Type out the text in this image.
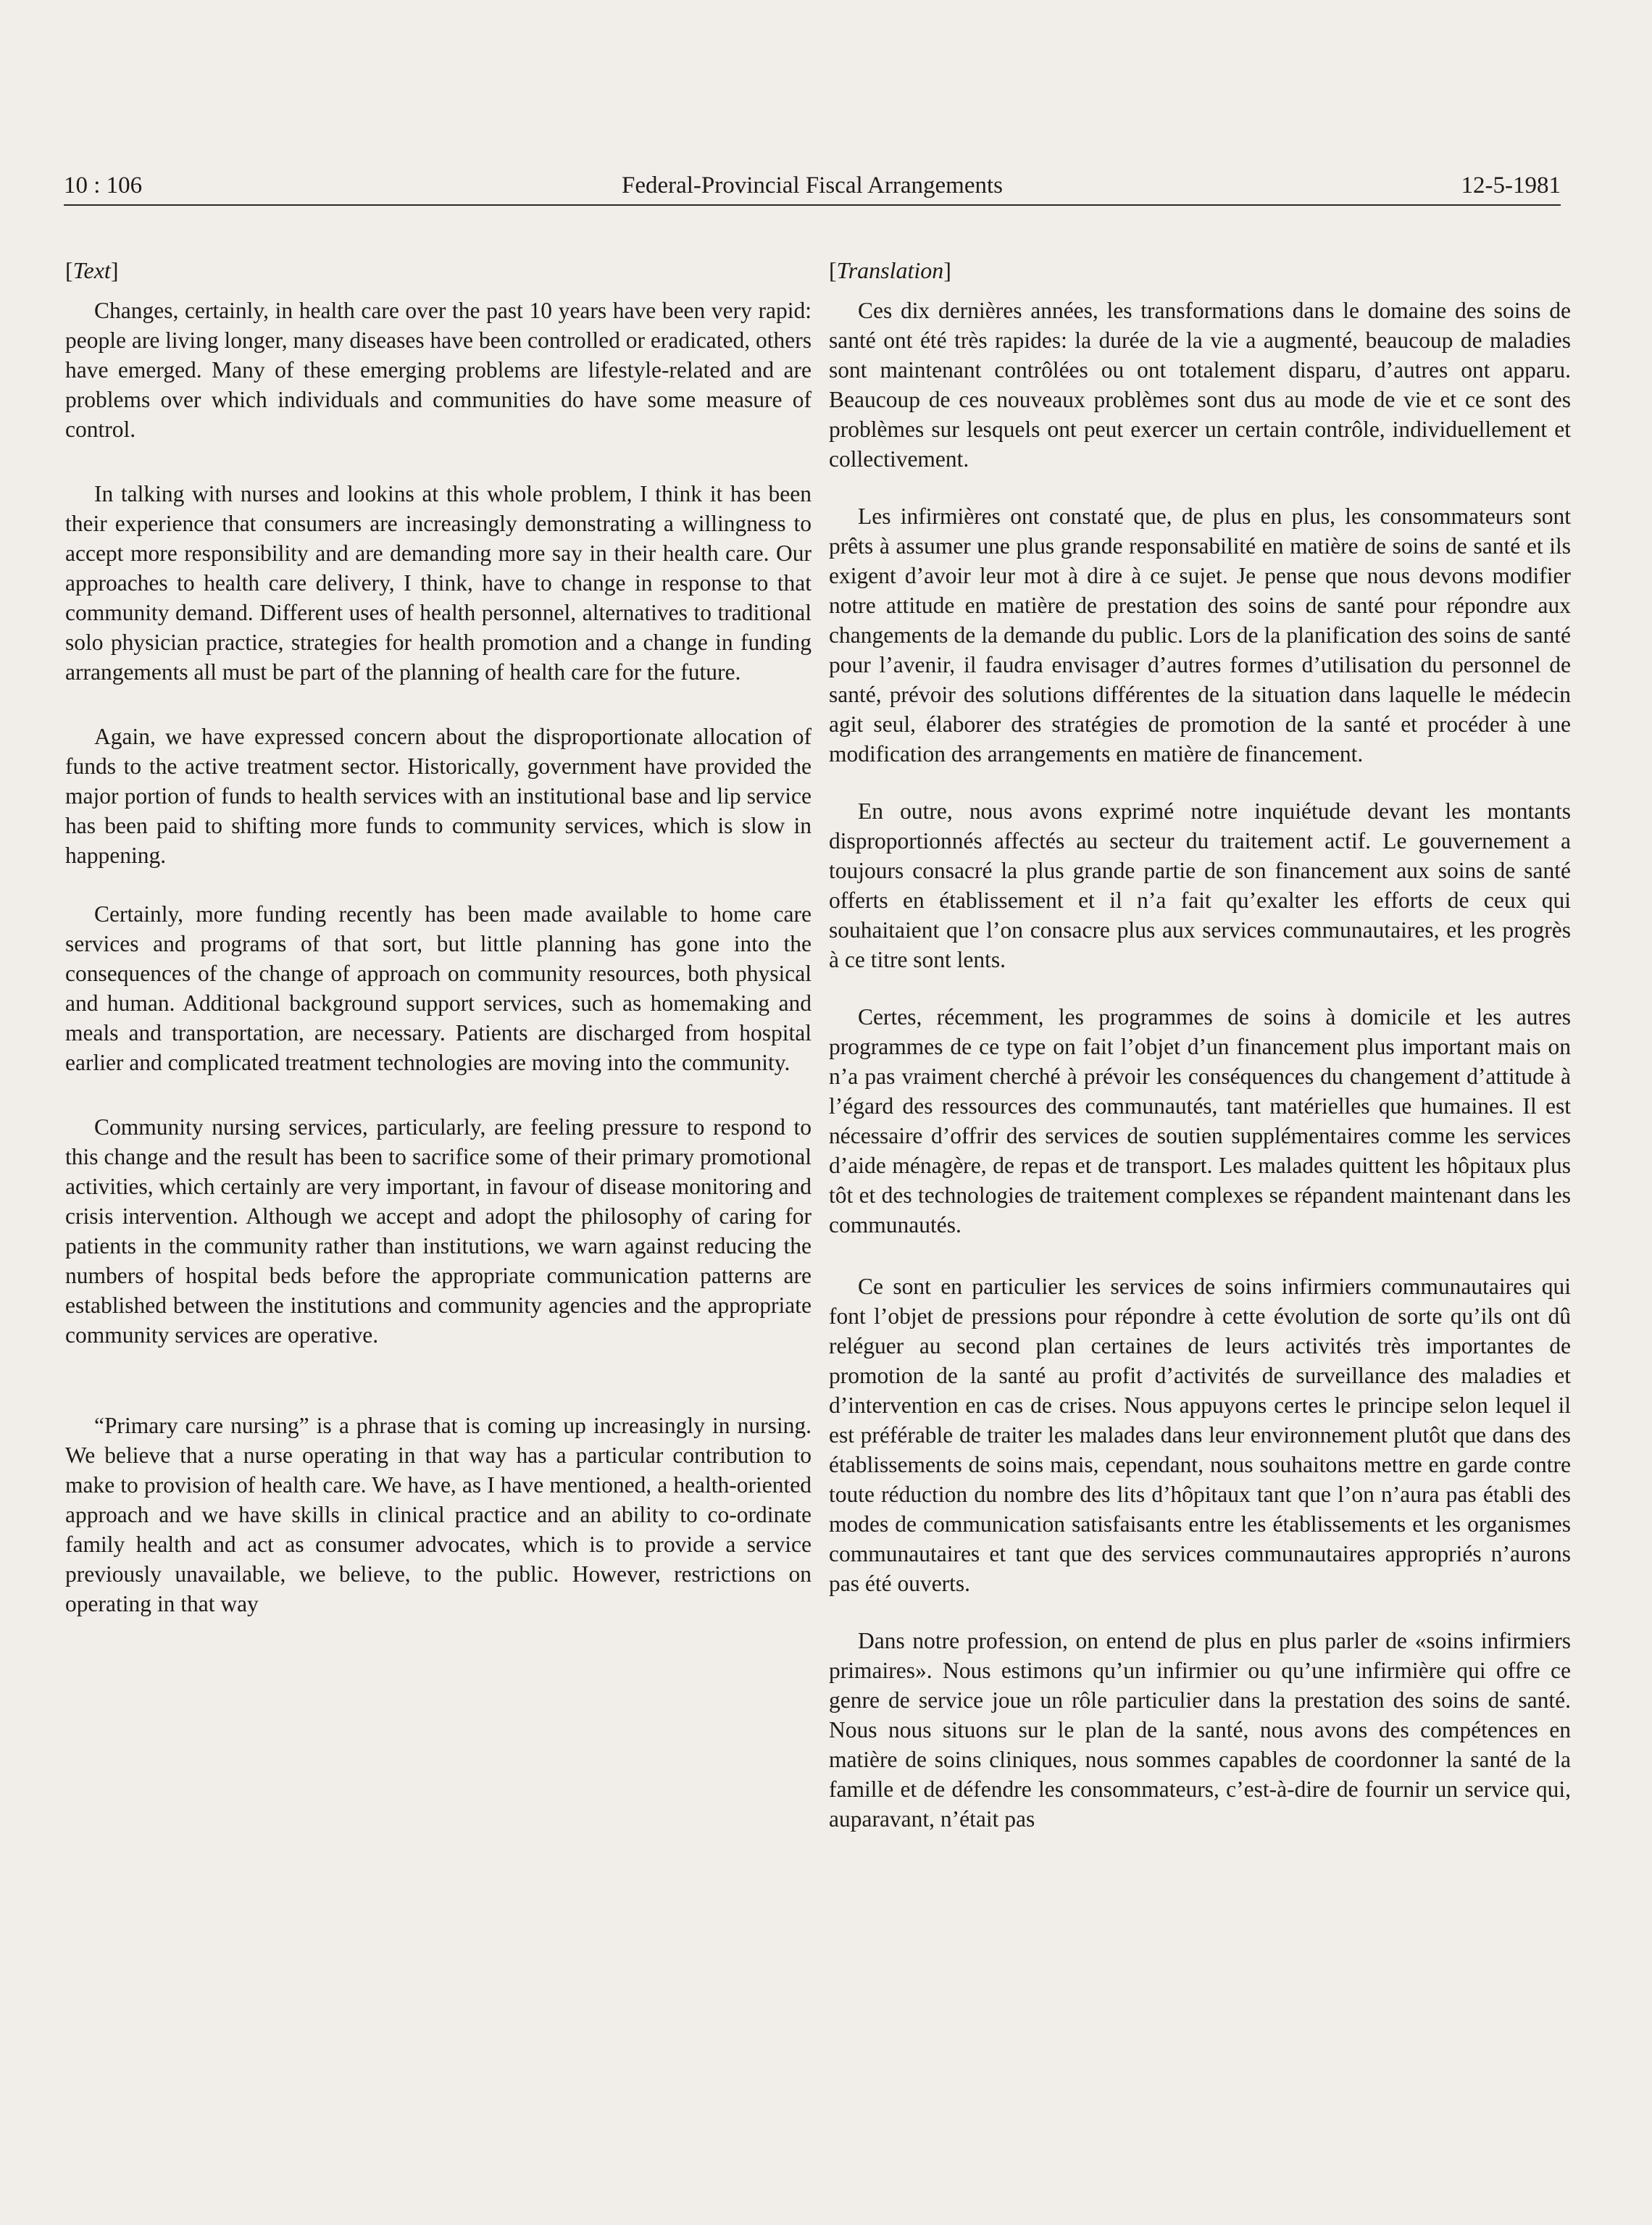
10 : 106	Federal-Provincial Fiscal Arrangements	12-5-1981
[Text]

Changes, certainly, in health care over the past 10 years have been very rapid: people are living longer, many diseases have been controlled or eradicated, others have emerged. Many of these emerging problems are lifestyle-related and are problems over which individuals and communities do have some measure of control.

In talking with nurses and lookins at this whole problem, I think it has been their experience that consumers are increasingly demonstrating a willingness to accept more responsibility and are demanding more say in their health care. Our approaches to health care delivery, I think, have to change in response to that community demand. Different uses of health personnel, alternatives to traditional solo physician practice, strategies for health promotion and a change in funding arrangements all must be part of the planning of health care for the future.

Again, we have expressed concern about the disproportionate allocation of funds to the active treatment sector. Historically, government have provided the major portion of funds to health services with an institutional base and lip service has been paid to shifting more funds to community services, which is slow in happening.

Certainly, more funding recently has been made available to home care services and programs of that sort, but little planning has gone into the consequences of the change of approach on community resources, both physical and human. Additional background support services, such as homemaking and meals and transportation, are necessary. Patients are discharged from hospital earlier and complicated treatment technologies are moving into the community.

Community nursing services, particularly, are feeling pressure to respond to this change and the result has been to sacrifice some of their primary promotional activities, which certainly are very important, in favour of disease monitoring and crisis intervention. Although we accept and adopt the philosophy of caring for patients in the community rather than institutions, we warn against reducing the numbers of hospital beds before the appropriate communication patterns are established between the institutions and community agencies and the appropriate community services are operative.

“Primary care nursing” is a phrase that is coming up increasingly in nursing. We believe that a nurse operating in that way has a particular contribution to make to provision of health care. We have, as I have mentioned, a health-oriented approach and we have skills in clinical practice and an ability to co-ordinate family health and act as consumer advocates, which is to provide a service previously unavailable, we believe, to the public. However, restrictions on operating in that way

[Translation]

Ces dix dernières années, les transformations dans le domaine des soins de santé ont été très rapides: la durée de la vie a augmenté, beaucoup de maladies sont maintenant contrôlées ou ont totalement disparu, d’autres ont apparu. Beaucoup de ces nouveaux problèmes sont dus au mode de vie et ce sont des problèmes sur lesquels ont peut exercer un certain contrôle, individuellement et collectivement.

Les infirmières ont constaté que, de plus en plus, les consommateurs sont prêts à assumer une plus grande responsabilité en matière de soins de santé et ils exigent d’avoir leur mot à dire à ce sujet. Je pense que nous devons modifier notre attitude en matière de prestation des soins de santé pour répondre aux changements de la demande du public. Lors de la planification des soins de santé pour l’avenir, il faudra envisager d’autres formes d’utilisation du personnel de santé, prévoir des solutions différentes de la situation dans laquelle le médecin agit seul, élaborer des stratégies de promotion de la santé et procéder à une modification des arrangements en matière de financement.

En outre, nous avons exprimé notre inquiétude devant les montants disproportionnés affectés au secteur du traitement actif. Le gouvernement a toujours consacré la plus grande partie de son financement aux soins de santé offerts en établissement et il n’a fait qu’exalter les efforts de ceux qui souhaitaient que l’on consacre plus aux services communautaires, et les progrès à ce titre sont lents.

Certes, récemment, les programmes de soins à domicile et les autres programmes de ce type on fait l’objet d’un financement plus important mais on n’a pas vraiment cherché à prévoir les conséquences du changement d’attitude à l’égard des ressources des communautés, tant matérielles que humaines. Il est nécessaire d’offrir des services de soutien supplémentaires comme les services d’aide ménagère, de repas et de transport. Les malades quittent les hôpitaux plus tôt et des technologies de traitement complexes se répandent maintenant dans les communautés.

Ce sont en particulier les services de soins infirmiers communautaires qui font l’objet de pressions pour répondre à cette évolution de sorte qu’ils ont dû reléguer au second plan certaines de leurs activités très importantes de promotion de la santé au profit d’activités de surveillance des maladies et d’intervention en cas de crises. Nous appuyons certes le principe selon lequel il est préférable de traiter les malades dans leur environnement plutôt que dans des établissements de soins mais, cependant, nous souhaitons mettre en garde contre toute réduction du nombre des lits d’hôpitaux tant que l’on n’aura pas établi des modes de communication satisfaisants entre les établissements et les organismes communautaires et tant que des services communautaires appropriés n’aurons pas été ouverts.

Dans notre profession, on entend de plus en plus parler de «soins infirmiers primaires». Nous estimons qu’un infirmier ou qu’une infirmière qui offre ce genre de service joue un rôle particulier dans la prestation des soins de santé. Nous nous situons sur le plan de la santé, nous avons des compétences en matière de soins cliniques, nous sommes capables de coordonner la santé de la famille et de défendre les consommateurs, c’est-à-dire de fournir un service qui, auparavant, n’était pas
